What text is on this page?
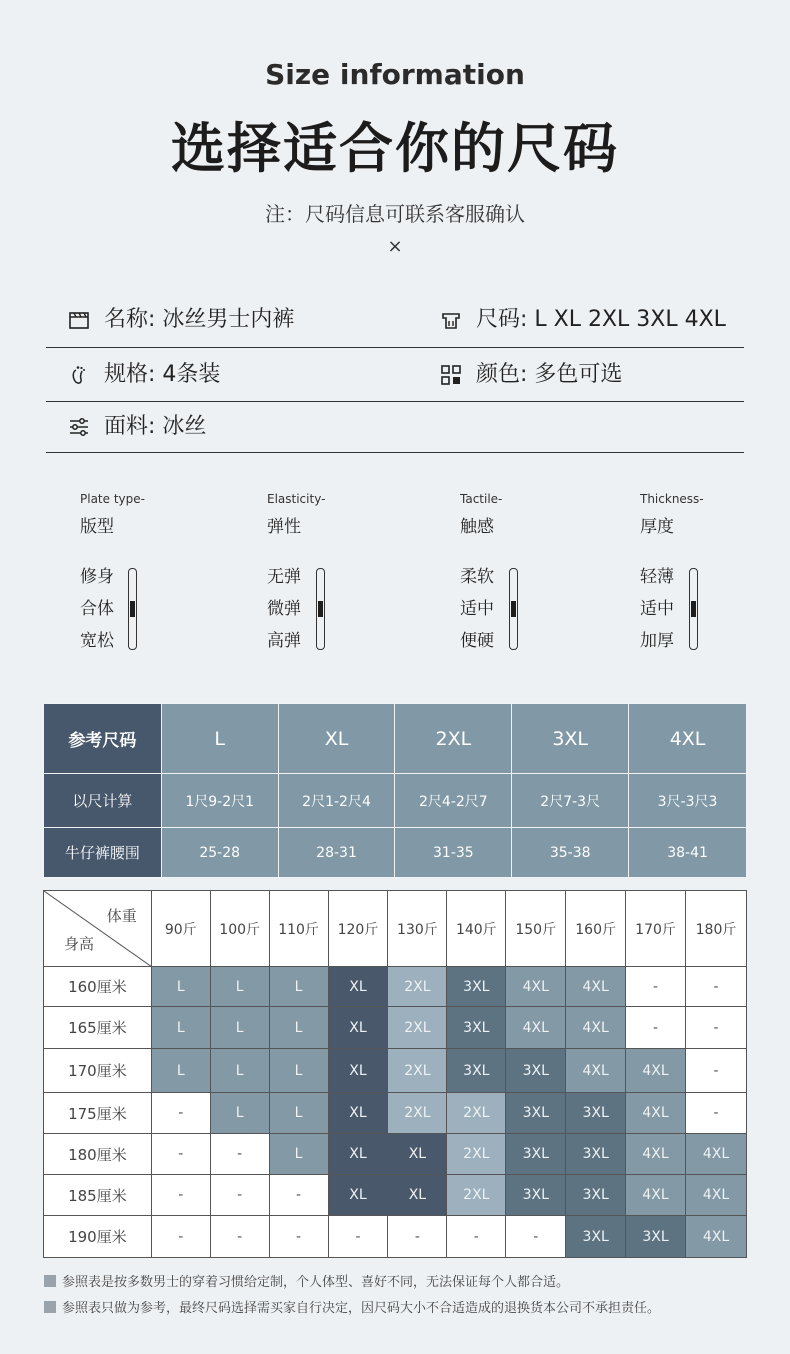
Size information
选择适合你的尺码
注：尺码信息可联系客服确认
×
名称: 冰丝男士内裤	尺码: L XL 2XL 3XL 4XL
规格: 4条装	颜色: 多色可选
面料: 冰丝
Plate type-
版型
修身
合体
宽松
Elasticity-
弹性
无弹
微弹
高弹
Tactile-
触感
柔软
适中
便硬
Thickness-
厚度
轻薄
适中
加厚
参考尺码	L	XL	2XL	3XL	4XL
以尺计算	1尺9-2尺1	2尺1-2尺4	2尺4-2尺7	2尺7-3尺	3尺-3尺3
牛仔裤腰围	25-28	28-31	31-35	35-38	38-41
体重
身高	90斤	100斤	110斤	120斤	130斤	140斤	150斤	160斤	170斤	180斤
160厘米	L	L	L	XL	2XL	3XL	4XL	4XL	-	-
165厘米	L	L	L	XL	2XL	3XL	4XL	4XL	-	-
170厘米	L	L	L	XL	2XL	3XL	3XL	4XL	4XL	-
175厘米	-	L	L	XL	2XL	2XL	3XL	3XL	4XL	-
180厘米	-	-	L	XL	XL	2XL	3XL	3XL	4XL	4XL
185厘米	-	-	-	XL	XL	2XL	3XL	3XL	4XL	4XL
190厘米	-	-	-	-	-	-	-	3XL	3XL	4XL
参照表是按多数男士的穿着习惯给定制，个人体型、喜好不同，无法保证每个人都合适。
参照表只做为参考，最终尺码选择需买家自行决定，因尺码大小不合适造成的退换货本公司不承担责任。
